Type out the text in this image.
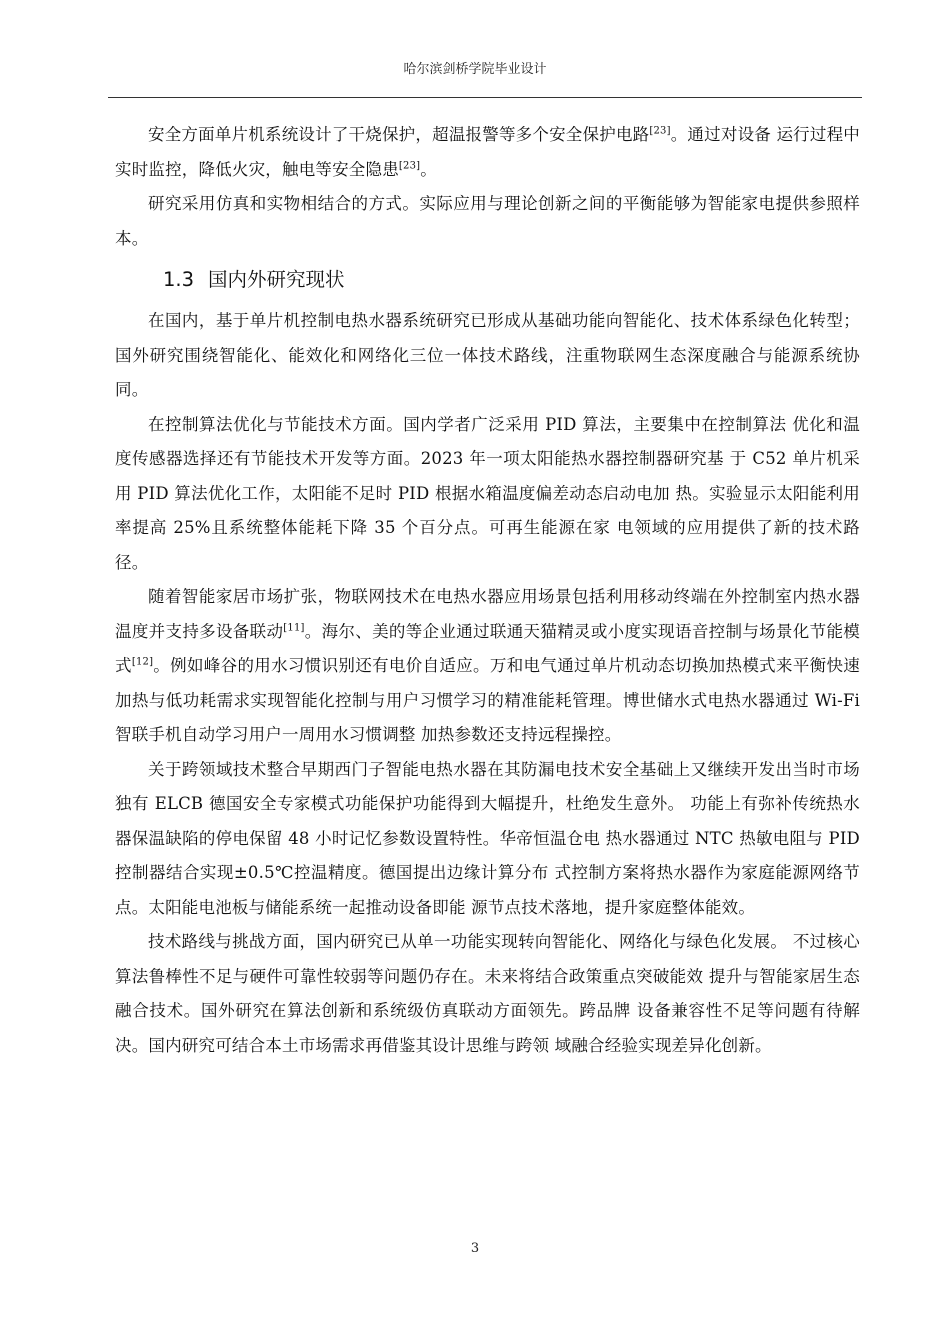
哈尔滨剑桥学院毕业设计

安全方面单片机系统设计了干烧保护，超温报警等多个安全保护电路[23]。通过对设备 运行过程中实时监控，降低火灾，触电等安全隐患[23]。

研究采用仿真和实物相结合的方式。实际应用与理论创新之间的平衡能够为智能家电提供参照样本。

1.3 国内外研究现状

在国内，基于单片机控制电热水器系统研究已形成从基础功能向智能化、技术体系绿色化转型；国外研究围绕智能化、能效化和网络化三位一体技术路线，注重物联网生态深度融合与能源系统协同。

在控制算法优化与节能技术方面。国内学者广泛采用 PID 算法，主要集中在控制算法 优化和温度传感器选择还有节能技术开发等方面。2023 年一项太阳能热水器控制器研究基 于 C52 单片机采用 PID 算法优化工作，太阳能不足时 PID 根据水箱温度偏差动态启动电加 热。实验显示太阳能利用率提高 25%且系统整体能耗下降 35 个百分点。可再生能源在家 电领域的应用提供了新的技术路径。

随着智能家居市场扩张，物联网技术在电热水器应用场景包括利用移动终端在外控制室内热水器温度并支持多设备联动[11]。海尔、美的等企业通过联通天猫精灵或小度实现语音控制与场景化节能模式[12]。例如峰谷的用水习惯识别还有电价自适应。万和电气通过单片机动态切换加热模式来平衡快速加热与低功耗需求实现智能化控制与用户习惯学习的精准能耗管理。博世储水式电热水器通过 Wi-Fi 智联手机自动学习用户一周用水习惯调整 加热参数还支持远程操控。

关于跨领域技术整合早期西门子智能电热水器在其防漏电技术安全基础上又继续开发出当时市场独有 ELCB 德国安全专家模式功能保护功能得到大幅提升，杜绝发生意外。 功能上有弥补传统热水器保温缺陷的停电保留 48 小时记忆参数设置特性。华帝恒温仓电 热水器通过 NTC 热敏电阻与 PID 控制器结合实现±0.5℃控温精度。德国提出边缘计算分布 式控制方案将热水器作为家庭能源网络节点。太阳能电池板与储能系统一起推动设备即能 源节点技术落地，提升家庭整体能效。

技术路线与挑战方面，国内研究已从单一功能实现转向智能化、网络化与绿色化发展。 不过核心算法鲁棒性不足与硬件可靠性较弱等问题仍存在。未来将结合政策重点突破能效 提升与智能家居生态融合技术。国外研究在算法创新和系统级仿真联动方面领先。跨品牌 设备兼容性不足等问题有待解决。国内研究可结合本土市场需求再借鉴其设计思维与跨领 域融合经验实现差异化创新。

3
